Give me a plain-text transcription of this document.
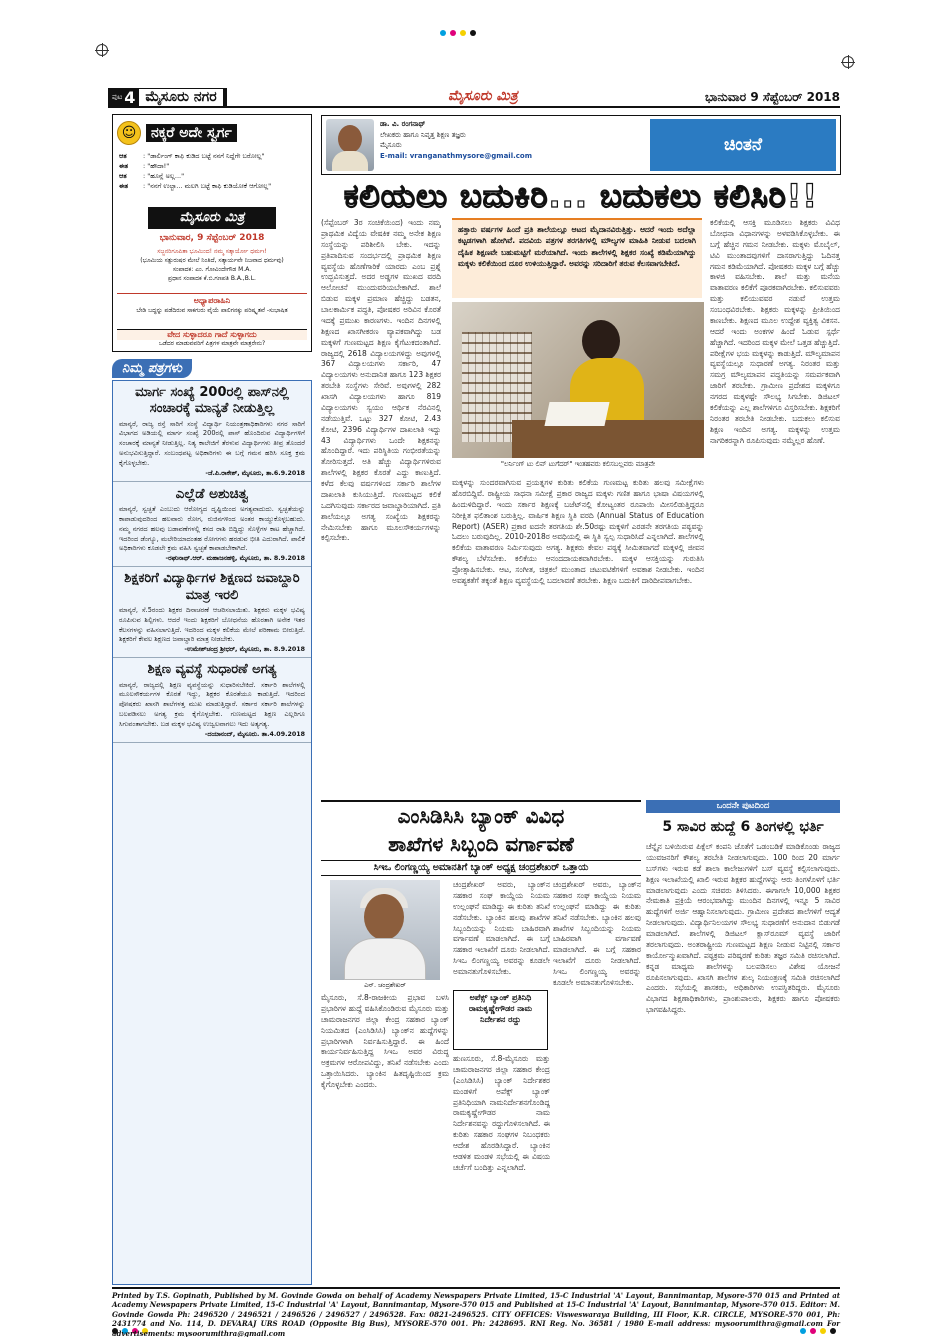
ಪುಟ 4 ಮೈಸೂರು ನಗರ	ಮೈಸೂರು ಮಿತ್ರ	ಭಾನುವಾರ 9 ಸೆಪ್ಟೆಂಬರ್ 2018
☺	ನಕ್ಕರೆ ಅದೇ ಸ್ವರ್ಗ
ಆತ	: "ಡಾರ್ಲಿಂಗ್ ಕಾಫಿ ಕುಡಿದ ಬಟ್ಟೆ ನನಗೆ ನಿದ್ದೆಗೇ ಬರೋಲ್ಲ"
ಈತ	: "ಹೌದಾ!"
ಆತ	: "ಹೂನ್ಲೆ ಅಲ್ಲ..."
ಈತ	: "ನನಗೆ ಉಲ್ಟಾ... ಮಲಗಿ ಬಟ್ಟೆ ಕಾಫಿ ಕುಡಿಯೋಕೆ ಆಗೋಲ್ಲ"
ಮೈಸೂರು ಮಿತ್ರ
ಭಾನುವಾರ, 9 ಸೆಪ್ಟೆಂಬರ್ 2018
ಸಜ್ಜನರಿಗೂಪಿತಾ ಭೂಮಿಂದ! ನಮ್ಮ ಸತ್ಕಾರ್ಯೋ ಧರ್ಮಃ!
(ಭೂಮಿಯ ಸತ್ಪುರುಷರ ಮೇಲೆ ನಿಂತಿದೆ, ಸತ್ಕಾರ್ಯವೇ ನಿಜವಾದ ಧರ್ಮವು)
ಸಂಪಾದಕ: ಎಂ. ಗೋವಿಂದೇಗೌಡ M.A.
ಪ್ರಧಾನ ಸಂಪಾದಕ ಕೆ.ಬಿ.ಗಣಪತಿ B.A.,B.L.
ಅಧ್ಯಾಪರಾಹಿನಿ
ಬೇಡಿ ಬದ್ಧನ್ನು ಪಡೆದಿರುವ ಸಾಕಗುರು ವೈಯೆ ಪಾಲಿಗನಕ್ಕು ಪರಿಷ್ಕೃತವೆ -ಸುಭಾಷಿತ
ವೇದ ಸುಳ್ಳಾದರೂ ಗಾದೆ ಸುಳ್ಳಾಗದು
ಒಡೆದರ ಮಾಡುವವರಿಗೆ ಪಿತ್ರಗಳ ಮಾತ್ರವೇ ಮಾತ್ರರೇನು?
ನಿಮ್ಮ ಪತ್ರಗಳು
ಮಾರ್ಗ ಸಂಖ್ಯೆ 200ರಲ್ಲಿ ಪಾಸ್‌ನಲ್ಲಿ ಸಂಚಾರಕ್ಕೆ ಮಾನ್ಯತೆ ನೀಡುತ್ತಿಲ್ಲ
ಮಾನ್ಯರೆ, ರಾಜ್ಯ ರಸ್ತೆ ಸಾರಿಗೆ ಸಂಸ್ಥೆ ವಿದ್ಯಾರ್ಥಿ ನಿಯಂತ್ರಣಾಧಿಕಾರಿಗಳು ನಗರ ಸಾರಿಗೆ ವಿಭಾಗದ ಅಡಿಯಲ್ಲಿ ಮಾರ್ಗ ಸಂಖ್ಯೆ 200ರಲ್ಲಿ ಪಾಸ್ ಹೊಂದಿರುವ ವಿದ್ಯಾರ್ಥಿಗಳಿಗೆ ಸಂಚಾರಕ್ಕೆ ಮಾನ್ಯತೆ ನೀಡುತ್ತಿಲ್ಲ. ನಿತ್ಯ ಕಾಲೇಜಿಗೆ ತೆರಳುವ ವಿದ್ಯಾರ್ಥಿಗಳು ತೀವ್ರ ತೊಂದರೆ ಅನುಭವಿಸುತ್ತಿದ್ದಾರೆ. ಸಂಬಂಧಪಟ್ಟ ಅಧಿಕಾರಿಗಳು ಈ ಬಗ್ಗೆ ಗಮನ ಹರಿಸಿ ಸೂಕ್ತ ಕ್ರಮ ಕೈಗೊಳ್ಳಬೇಕು.
-ಜೆ.ಪಿ.ರಾಕೇಶ್, ಮೈಸೂರು, ತಾ.6.9.2018
ಎಲ್ಲೆಡೆ ಅಶುಚಿತ್ವ
ಮಾನ್ಯರೆ, ಸ್ವಚ್ಛತೆ ಎಂಬುದು ಆರೋಗ್ಯದ ದೃಷ್ಟಿಯಿಂದ ಅಗತ್ಯವಾದುದು. ಸ್ವಚ್ಛತೆಯನ್ನು ಕಾಪಾಡುವುದರಿಂದ ಹಲವಾರು ರೋಗ, ರುಜಿನಗಳಿಂದ ಅಂತರ ಕಾಯ್ದುಕೊಳ್ಳಬಹುದು. ನಮ್ಮ ನಗರದ ಹಲವು ಬಡಾವಣೆಗಳಲ್ಲಿ ಕಸದ ರಾಶಿ ಬಿದ್ದಿದ್ದು ಸೊಳ್ಳೆಗಳ ಕಾಟ ಹೆಚ್ಚಾಗಿದೆ. ಇದರಿಂದ ಡೆಂಗ್ಯೂ, ಮಲೇರಿಯಾದಂತಹ ರೋಗಗಳು ಹರಡುವ ಭೀತಿ ಎದುರಾಗಿದೆ. ಪಾಲಿಕೆ ಅಧಿಕಾರಿಗಳು ಕೂಡಲೇ ಕ್ರಮ ವಹಿಸಿ ಸ್ವಚ್ಛತೆ ಕಾಪಾಡಬೇಕಾಗಿದೆ.
-ರಘುನಾಥ್.ಆರ್. ಮಹಾಜನಹಳ್ಳಿ, ಮೈಸೂರು, ತಾ. 8.9.2018
ಶಿಕ್ಷಕರಿಗೆ ವಿದ್ಯಾರ್ಥಿಗಳ ಶಿಕ್ಷಣದ ಜವಾಬ್ದಾರಿ ಮಾತ್ರ ಇರಲಿ
ಮಾನ್ಯರೆ, ಸೆ.5ರಂದು ಶಿಕ್ಷಕರ ದಿನಾಚರಣೆ ಆಚರಿಸಲಾಯಿತು. ಶಿಕ್ಷಕರು ಮಕ್ಕಳ ಭವಿಷ್ಯ ರೂಪಿಸುವ ಶಿಲ್ಪಿಗಳು. ಆದರೆ ಇಂದು ಶಿಕ್ಷಕರಿಗೆ ಬೋಧನೆಯ ಹೊರತಾಗಿ ಅನೇಕ ಇತರ ಕೆಲಸಗಳನ್ನು ವಹಿಸಲಾಗುತ್ತಿದೆ. ಇದರಿಂದ ಮಕ್ಕಳ ಕಲಿಕೆಯ ಮೇಲೆ ಪರಿಣಾಮ ಬೀರುತ್ತಿದೆ. ಶಿಕ್ಷಕರಿಗೆ ಕೇವಲ ಶಿಕ್ಷಣದ ಜವಾಬ್ದಾರಿ ಮಾತ್ರ ನೀಡಬೇಕು.
-ಉಮೇಶ್‌ಚಂದ್ರ ಶ್ರೀಧರ್, ಮೈಸೂರು, ತಾ. 8.9.2018
ಶಿಕ್ಷಣ ವ್ಯವಸ್ಥೆ ಸುಧಾರಣೆ ಅಗತ್ಯ
ಮಾನ್ಯರೆ, ರಾಜ್ಯದಲ್ಲಿ ಶಿಕ್ಷಣ ವ್ಯವಸ್ಥೆಯನ್ನು ಸುಧಾರಿಸಬೇಕಿದೆ. ಸರ್ಕಾರಿ ಶಾಲೆಗಳಲ್ಲಿ ಮೂಲಸೌಕರ್ಯಗಳ ಕೊರತೆ ಇದ್ದು, ಶಿಕ್ಷಕರ ಕೊರತೆಯೂ ಕಾಡುತ್ತಿದೆ. ಇದರಿಂದ ಪೋಷಕರು ಖಾಸಗಿ ಶಾಲೆಗಳತ್ತ ಮುಖ ಮಾಡುತ್ತಿದ್ದಾರೆ. ಸರ್ಕಾರ ಸರ್ಕಾರಿ ಶಾಲೆಗಳನ್ನು ಬಲಪಡಿಸಲು ಅಗತ್ಯ ಕ್ರಮ ಕೈಗೊಳ್ಳಬೇಕು. ಗುಣಮಟ್ಟದ ಶಿಕ್ಷಣ ಎಲ್ಲರಿಗೂ ಸಿಗುವಂತಾಗಬೇಕು. ಬಡ ಮಕ್ಕಳ ಭವಿಷ್ಯ ಉಜ್ವಲವಾಗಲು ಇದು ಅತ್ಯಗತ್ಯ.
-ದಯಾನಂದ್, ಮೈಸೂರು. ತಾ.4.09.2018
ಡಾ. ವಿ. ರಂಗನಾಥ್
ಲೇಖಕರು ಹಾಗೂ ನಿವೃತ್ತ ಶಿಕ್ಷಣ ತಜ್ಞರು
ಮೈಸೂರು
E-mail: vranganathmysore@gmail.com
ಚಿಂತನೆ
ಕಲಿಯಲು ಬದುಕಿರಿ... ಬದುಕಲು ಕಲಿಸಿರಿ!!
(ಸೆಪ್ಟೆಂಬರ್ 3ರ ಸಂಚಿಕೆಯಿಂದ) ಇಂದು ನಮ್ಮ ಪ್ರಾಥಮಿಕ ವಿದ್ಯೆಯ ವೇಷಕಿಕ ನಮ್ಮ ಅನೇಕ ಶಿಕ್ಷಣ ಸಂಸ್ಥೆಯನ್ನು ಪರಿಶೀಲಿಸಿ ಬೇಕು. ಇದನ್ನು ಪ್ರತಿಪಾದಿಸುವ ಸಂದರ್ಭದಲ್ಲಿ ಪ್ರಾಥಮಿಕ ಶಿಕ್ಷಣ ವ್ಯವಸ್ಥೆಯ ಹೊಣೆಗಾರಿಕೆ ಯಾರದು ಎಂಬ ಪ್ರಶ್ನೆ ಉದ್ಭವಿಸುತ್ತದೆ. ಅದರ ಅಡ್ಡಗಳ ಮುಖದ ವರದಿ ಆಲೋಚನೆ ಮುಂದುವರಿಯಬೇಕಾಗಿದೆ. ಶಾಲೆ ಬಿಡುವ ಮಕ್ಕಳ ಪ್ರಮಾಣ ಹೆಚ್ಚಿದ್ದು ಬಡತನ, ಬಾಲಕಾರ್ಮಿಕ ಪದ್ಧತಿ, ಪೋಷಕರ ಅರಿವಿನ ಕೊರತೆ ಇದಕ್ಕೆ ಪ್ರಮುಖ ಕಾರಣಗಳು. ಇಂದಿನ ದಿನಗಳಲ್ಲಿ ಶಿಕ್ಷಣದ ಖಾಸಗೀಕರಣ ವ್ಯಾಪಕವಾಗಿದ್ದು ಬಡ ಮಕ್ಕಳಿಗೆ ಗುಣಮಟ್ಟದ ಶಿಕ್ಷಣ ಕೈಗೆಟುಕದಂತಾಗಿದೆ. ರಾಜ್ಯದಲ್ಲಿ 2618 ವಿದ್ಯಾಲಯಗಳಿದ್ದು ಅವುಗಳಲ್ಲಿ 367 ವಿದ್ಯಾಲಯಗಳು ಸರ್ಕಾರಿ, 47 ವಿದ್ಯಾಲಯಗಳು ಅನುದಾನಿತ ಹಾಗೂ 123 ಶಿಕ್ಷಕರ ತರಬೇತಿ ಸಂಸ್ಥೆಗಳು ಸೇರಿವೆ. ಅವುಗಳಲ್ಲಿ 282 ಖಾಸಗಿ ವಿದ್ಯಾಲಯಗಳು ಹಾಗೂ 819 ವಿದ್ಯಾಲಯಗಳು ಸ್ವಯಂ ಆರ್ಥಿಕ ನೆರವಿನಲ್ಲಿ ನಡೆಯುತ್ತಿವೆ. ಒಟ್ಟು 327 ಕೋಟಿ, 2.43 ಕೋಟಿ, 2396 ವಿದ್ಯಾರ್ಥಿಗಳ ದಾಖಲಾತಿ ಇದ್ದು 43 ವಿದ್ಯಾರ್ಥಿಗಳು ಒಂದೇ ಶಿಕ್ಷಕನನ್ನು ಹೊಂದಿದ್ದಾರೆ. ಇದು ಪರಿಸ್ಥಿತಿಯ ಗಂಭೀರತೆಯನ್ನು ತೋರಿಸುತ್ತದೆ. ಅತಿ ಹೆಚ್ಚು ವಿದ್ಯಾರ್ಥಿಗಳಿರುವ ಶಾಲೆಗಳಲ್ಲಿ ಶಿಕ್ಷಕರ ಕೊರತೆ ಎದ್ದು ಕಾಣುತ್ತಿದೆ. ಕಳೆದ ಕೆಲವು ವರ್ಷಗಳಿಂದ ಸರ್ಕಾರಿ ಶಾಲೆಗಳ ದಾಖಲಾತಿ ಕುಸಿಯುತ್ತಿದೆ. ಗುಣಮಟ್ಟದ ಕಲಿಕೆ ಒದಗಿಸುವುದು ಸರ್ಕಾರದ ಜವಾಬ್ದಾರಿಯಾಗಿದೆ. ಪ್ರತಿ ಶಾಲೆಯಲ್ಲೂ ಅಗತ್ಯ ಸಂಖ್ಯೆಯ ಶಿಕ್ಷಕರನ್ನು ನೇಮಿಸಬೇಕು ಹಾಗೂ ಮೂಲಸೌಕರ್ಯಗಳನ್ನು ಕಲ್ಪಿಸಬೇಕು.
ಹತ್ತಾರು ವರ್ಷಗಳ ಹಿಂದೆ ಪ್ರತಿ ಶಾಲೆಯಲ್ಲೂ ಆಟದ ಮೈದಾನವಿರುತ್ತಿತ್ತು. ಆದರೆ ಇಂದು ಅದೆಲ್ಲಾ ಕಟ್ಟಡಗಳಾಗಿ ಹೋಗಿವೆ. ಪದವಿಯ ಪತ್ರಗಳ ತರಗತಿಗಳಲ್ಲಿ ಮೌಲ್ಯಗಳ ಮಾಹಿತಿ ನೀಡುವ ಬದಲಾಗಿ ದೈಹಿಕ ಶಿಕ್ಷಣವೇ ಬಹುಮಟ್ಟಿಗೆ ಮರೆಯಾಗಿದೆ. ಇಂದು ಶಾಲೆಗಳಲ್ಲಿ ಶಿಕ್ಷಕರ ಸಂಖ್ಯೆ ಕಡಿಮೆಯಾಗಿದ್ದು ಮಕ್ಕಳು ಕಲಿಕೆಯಿಂದ ದೂರ ಉಳಿಯುತ್ತಿದ್ದಾರೆ. ಅವರನ್ನು ಸರಿದಾರಿಗೆ ತರುವ ಕೆಲಸವಾಗಬೇಕಿದೆ.
"ಲರ್ನಿಂಗ್ ಟು ಲಿವ್ ಟುಗೆದರ್" ಇಂತಹವರು ಕಲಿಸಬಲ್ಲವರು ಮಾತ್ರವೇ
ಮಕ್ಕಳನ್ನು ಸುಂದರವಾಗಿಸುವ ಪ್ರಯತ್ನಗಳ ಕುರಿತು ಕಲಿಕೆಯ ಗುಣಮಟ್ಟ ಕುರಿತು ಹಲವು ಸಮೀಕ್ಷೆಗಳು ಹೊರಬಿದ್ದಿವೆ. ರಾಷ್ಟ್ರೀಯ ಸಾಧನಾ ಸಮೀಕ್ಷೆ ಪ್ರಕಾರ ರಾಜ್ಯದ ಮಕ್ಕಳು ಗಣಿತ ಹಾಗೂ ಭಾಷಾ ವಿಷಯಗಳಲ್ಲಿ ಹಿಂದುಳಿದಿದ್ದಾರೆ. ಇಂದು ಸರ್ಕಾರ ಶಿಕ್ಷಣಕ್ಕೆ ಬಜೆಟ್‌ನಲ್ಲಿ ಕೋಟ್ಯಂತರ ರೂಪಾಯಿ ಮೀಸಲಿಡುತ್ತಿದ್ದರೂ ನಿರೀಕ್ಷಿತ ಫಲಿತಾಂಶ ಬರುತ್ತಿಲ್ಲ. ವಾರ್ಷಿಕ ಶಿಕ್ಷಣ ಸ್ಥಿತಿ ವರದಿ (Annual Status of Education Report) (ASER) ಪ್ರಕಾರ ಐದನೇ ತರಗತಿಯ ಶೇ.50ರಷ್ಟು ಮಕ್ಕಳಿಗೆ ಎರಡನೇ ತರಗತಿಯ ಪಠ್ಯವನ್ನು ಓದಲು ಬರುವುದಿಲ್ಲ. 2010-2018ರ ಅವಧಿಯಲ್ಲಿ ಈ ಸ್ಥಿತಿ ಸ್ವಲ್ಪ ಸುಧಾರಿಸಿದೆ ಎನ್ನಲಾಗಿದೆ. ಶಾಲೆಗಳಲ್ಲಿ ಕಲಿಕೆಯ ವಾತಾವರಣ ನಿರ್ಮಿಸುವುದು ಅಗತ್ಯ. ಶಿಕ್ಷಕರು ಕೇವಲ ಪಠ್ಯಕ್ಕೆ ಸೀಮಿತವಾಗದೆ ಮಕ್ಕಳಲ್ಲಿ ಜೀವನ ಕೌಶಲ್ಯ ಬೆಳೆಸಬೇಕು. ಕಲಿಕೆಯು ಆನಂದದಾಯಕವಾಗಿರಬೇಕು. ಮಕ್ಕಳ ಆಸಕ್ತಿಯನ್ನು ಗುರುತಿಸಿ ಪ್ರೋತ್ಸಾಹಿಸಬೇಕು. ಆಟ, ಸಂಗೀತ, ಚಿತ್ರಕಲೆ ಮುಂತಾದ ಚಟುವಟಿಕೆಗಳಿಗೆ ಅವಕಾಶ ನೀಡಬೇಕು. ಇಂದಿನ ಅವಶ್ಯಕತೆಗೆ ತಕ್ಕಂತೆ ಶಿಕ್ಷಣ ವ್ಯವಸ್ಥೆಯಲ್ಲಿ ಬದಲಾವಣೆ ತರಬೇಕು. ಶಿಕ್ಷಣ ಬದುಕಿಗೆ ದಾರಿದೀಪವಾಗಬೇಕು.
ಕಲಿಕೆಯಲ್ಲಿ ಆಸಕ್ತಿ ಮೂಡಿಸಲು ಶಿಕ್ಷಕರು ವಿವಿಧ ಬೋಧನಾ ವಿಧಾನಗಳನ್ನು ಅಳವಡಿಸಿಕೊಳ್ಳಬೇಕು. ಈ ಬಗ್ಗೆ ಹೆಚ್ಚಿನ ಗಮನ ನೀಡಬೇಕು. ಮಕ್ಕಳು ಮೊಬೈಲ್, ಟಿವಿ ಮುಂತಾದವುಗಳಿಗೆ ದಾಸರಾಗುತ್ತಿದ್ದು ಓದಿನತ್ತ ಗಮನ ಕಡಿಮೆಯಾಗಿದೆ. ಪೋಷಕರು ಮಕ್ಕಳ ಬಗ್ಗೆ ಹೆಚ್ಚು ಕಾಳಜಿ ವಹಿಸಬೇಕು. ಶಾಲೆ ಮತ್ತು ಮನೆಯ ವಾತಾವರಣ ಕಲಿಕೆಗೆ ಪೂರಕವಾಗಿರಬೇಕು. ಕಲಿಸುವವರು ಮತ್ತು ಕಲಿಯುವವರ ನಡುವೆ ಉತ್ತಮ ಸಂಬಂಧವಿರಬೇಕು. ಶಿಕ್ಷಕರು ಮಕ್ಕಳನ್ನು ಪ್ರೀತಿಯಿಂದ ಕಾಣಬೇಕು. ಶಿಕ್ಷಣದ ಮೂಲ ಉದ್ದೇಶ ವ್ಯಕ್ತಿತ್ವ ವಿಕಸನ. ಆದರೆ ಇಂದು ಅಂಕಗಳ ಹಿಂದೆ ಓಡುವ ಸ್ಪರ್ಧೆ ಹೆಚ್ಚಾಗಿದೆ. ಇದರಿಂದ ಮಕ್ಕಳ ಮೇಲೆ ಒತ್ತಡ ಹೆಚ್ಚುತ್ತಿದೆ. ಪರೀಕ್ಷೆಗಳ ಭಯ ಮಕ್ಕಳನ್ನು ಕಾಡುತ್ತಿದೆ. ಮೌಲ್ಯಮಾಪನ ವ್ಯವಸ್ಥೆಯಲ್ಲೂ ಸುಧಾರಣೆ ಅಗತ್ಯ. ನಿರಂತರ ಮತ್ತು ಸಮಗ್ರ ಮೌಲ್ಯಮಾಪನ ಪದ್ಧತಿಯನ್ನು ಸಮರ್ಪಕವಾಗಿ ಜಾರಿಗೆ ತರಬೇಕು. ಗ್ರಾಮೀಣ ಪ್ರದೇಶದ ಮಕ್ಕಳಿಗೂ ನಗರದ ಮಕ್ಕಳಷ್ಟೇ ಸೌಲಭ್ಯ ಸಿಗಬೇಕು. ಡಿಜಿಟಲ್ ಕಲಿಕೆಯನ್ನು ಎಲ್ಲ ಶಾಲೆಗಳಿಗೂ ವಿಸ್ತರಿಸಬೇಕು. ಶಿಕ್ಷಕರಿಗೆ ನಿರಂತರ ತರಬೇತಿ ನೀಡಬೇಕು. ಬದುಕಲು ಕಲಿಸುವ ಶಿಕ್ಷಣ ಇಂದಿನ ಅಗತ್ಯ. ಮಕ್ಕಳನ್ನು ಉತ್ತಮ ನಾಗರಿಕರನ್ನಾಗಿ ರೂಪಿಸುವುದು ನಮ್ಮೆಲ್ಲರ ಹೊಣೆ.
ಎಂಸಿಡಿಸಿಸಿ ಬ್ಯಾಂಕ್ ವಿವಿಧ
ಶಾಖೆಗಳ ಸಿಬ್ಬಂದಿ ವರ್ಗಾವಣೆ
ಸಿಇಒ ಲಿಂಗಣ್ಣಯ್ಯ ಅಮಾನತಿಗೆ ಬ್ಯಾಂಕ್ ಅಧ್ಯಕ್ಷ ಚಂದ್ರಶೇಖರ್ ಒತ್ತಾಯ
ಎನ್. ಚಂದ್ರಶೇಖರ್
ಮೈಸೂರು, ಸೆ.8-ರಾಜಕೀಯ ಪ್ರಭಾವ ಬಳಸಿ ಪ್ರಭಾರಿಗಳ ಹುದ್ದೆ ವಹಿಸಿಕೊಂಡಿರುವ ಮೈಸೂರು ಮತ್ತು ಚಾಮರಾಜನಗರ ಜಿಲ್ಲಾ ಕೇಂದ್ರ ಸಹಕಾರ ಬ್ಯಾಂಕ್ ನಿಯಮಿತದ (ಎಂಸಿಡಿಸಿಸಿ) ಬ್ಯಾಂಕ್‌ನ ಹುದ್ದೆಗಳನ್ನು ಪ್ರಭಾರಿಗಳಾಗಿ ನಿರ್ವಹಿಸುತ್ತಿದ್ದಾರೆ. ಈ ಹಿಂದೆ ಕಾರ್ಯನಿರ್ವಹಿಸುತ್ತಿದ್ದ ಸಿಇಒ ಅವರ ವಿರುದ್ಧ ಅಕ್ರಮಗಳ ಆರೋಪವಿದ್ದು, ತನಿಖೆ ನಡೆಸಬೇಕು ಎಂದು ಒತ್ತಾಯಿಸಿದರು. ಬ್ಯಾಂಕಿನ ಹಿತದೃಷ್ಟಿಯಿಂದ ಕ್ರಮ ಕೈಗೊಳ್ಳಬೇಕು ಎಂದರು.
ಚಂದ್ರಶೇಖರ್ ಅವರು, ಬ್ಯಾಂಕ್‌ನ ಸಹಕಾರ ಸಂಘ ಕಾಯ್ದೆಯ ನಿಯಮ ಉಲ್ಲಂಘನೆ ಮಾಡಿದ್ದು ಈ ಕುರಿತು ತನಿಖೆ ನಡೆಸಬೇಕು. ಬ್ಯಾಂಕಿನ ಹಲವು ಶಾಖೆಗಳ ಸಿಬ್ಬಂದಿಯನ್ನು ನಿಯಮ ಬಾಹಿರವಾಗಿ ವರ್ಗಾವಣೆ ಮಾಡಲಾಗಿದೆ. ಈ ಬಗ್ಗೆ ಸಹಕಾರ ಇಲಾಖೆಗೆ ದೂರು ನೀಡಲಾಗಿದೆ. ಸಿಇಒ ಲಿಂಗಣ್ಣಯ್ಯ ಅವರನ್ನು ಕೂಡಲೇ ಅಮಾನತುಗೊಳಿಸಬೇಕು.
ಅಪೆಕ್ಸ್ ಬ್ಯಾಂಕ್ ಪ್ರತಿನಿಧಿ ರಾಮಕೃಷ್ಣೇಗೌಡರ ನಾಮ ನಿರ್ದೇಶನ ರದ್ದು
ಹುಣಸೂರು, ಸೆ.8-ಮೈಸೂರು ಮತ್ತು ಚಾಮರಾಜನಗರ ಜಿಲ್ಲಾ ಸಹಕಾರ ಕೇಂದ್ರ (ಎಂಸಿಡಿಸಿಸಿ) ಬ್ಯಾಂಕ್ ನಿರ್ದೇಶಕರ ಮಂಡಳಿಗೆ ಅಪೆಕ್ಸ್ ಬ್ಯಾಂಕ್ ಪ್ರತಿನಿಧಿಯಾಗಿ ನಾಮನಿರ್ದೇಶನಗೊಂಡಿದ್ದ ರಾಮಕೃಷ್ಣೇಗೌಡರ ನಾಮ ನಿರ್ದೇಶನವನ್ನು ರದ್ದುಗೊಳಿಸಲಾಗಿದೆ. ಈ ಕುರಿತು ಸಹಕಾರ ಸಂಘಗಳ ನಿಬಂಧಕರು ಆದೇಶ ಹೊರಡಿಸಿದ್ದಾರೆ. ಬ್ಯಾಂಕಿನ ಆಡಳಿತ ಮಂಡಳಿ ಸಭೆಯಲ್ಲಿ ಈ ವಿಷಯ ಚರ್ಚೆಗೆ ಬಂದಿತ್ತು ಎನ್ನಲಾಗಿದೆ.
ಚಂದ್ರಶೇಖರ್ ಅವರು, ಬ್ಯಾಂಕ್‌ನ ಸಹಕಾರ ಸಂಘ ಕಾಯ್ದೆಯ ನಿಯಮ ಉಲ್ಲಂಘನೆ ಮಾಡಿದ್ದು ಈ ಕುರಿತು ತನಿಖೆ ನಡೆಸಬೇಕು. ಬ್ಯಾಂಕಿನ ಹಲವು ಶಾಖೆಗಳ ಸಿಬ್ಬಂದಿಯನ್ನು ನಿಯಮ ಬಾಹಿರವಾಗಿ ವರ್ಗಾವಣೆ ಮಾಡಲಾಗಿದೆ. ಈ ಬಗ್ಗೆ ಸಹಕಾರ ಇಲಾಖೆಗೆ ದೂರು ನೀಡಲಾಗಿದೆ. ಸಿಇಒ ಲಿಂಗಣ್ಣಯ್ಯ ಅವರನ್ನು ಕೂಡಲೇ ಅಮಾನತುಗೊಳಿಸಬೇಕು.
ಒಂದನೇ ಪುಟದಿಂದ
5 ಸಾವಿರ ಹುದ್ದೆ 6 ತಿಂಗಳಲ್ಲಿ ಭರ್ತಿ
ಚೆನ್ನೈನ ಬಳಿಯಿರುವ ಪಿಕ್ಸೆಲ್ ಕಂಪನಿ ಜೊತೆಗೆ ಒಡಂಬಡಿಕೆ ಮಾಡಿಕೊಂಡು ರಾಜ್ಯದ ಯುವಜನರಿಗೆ ಕೌಶಲ್ಯ ತರಬೇತಿ ನೀಡಲಾಗುವುದು. 100 ರಿಂದ 20 ಮಾರ್ಗ ಬಸ್‌ಗಳು ಇರುವ ಕಡೆ ಶಾಲಾ ಕಾಲೇಜುಗಳಿಗೆ ಬಸ್ ವ್ಯವಸ್ಥೆ ಕಲ್ಪಿಸಲಾಗುವುದು. ಶಿಕ್ಷಣ ಇಲಾಖೆಯಲ್ಲಿ ಖಾಲಿ ಇರುವ ಶಿಕ್ಷಕರ ಹುದ್ದೆಗಳನ್ನು ಆರು ತಿಂಗಳೊಳಗೆ ಭರ್ತಿ ಮಾಡಲಾಗುವುದು ಎಂದು ಸಚಿವರು ತಿಳಿಸಿದರು. ಈಗಾಗಲೇ 10,000 ಶಿಕ್ಷಕರ ನೇಮಕಾತಿ ಪ್ರಕ್ರಿಯೆ ಆರಂಭವಾಗಿದ್ದು ಮುಂದಿನ ದಿನಗಳಲ್ಲಿ ಇನ್ನೂ 5 ಸಾವಿರ ಹುದ್ದೆಗಳಿಗೆ ಅರ್ಜಿ ಆಹ್ವಾನಿಸಲಾಗುವುದು. ಗ್ರಾಮೀಣ ಪ್ರದೇಶದ ಶಾಲೆಗಳಿಗೆ ಆದ್ಯತೆ ನೀಡಲಾಗುವುದು. ವಿದ್ಯಾರ್ಥಿನಿಲಯಗಳ ಸೌಲಭ್ಯ ಸುಧಾರಣೆಗೆ ಅನುದಾನ ಬಿಡುಗಡೆ ಮಾಡಲಾಗಿದೆ. ಶಾಲೆಗಳಲ್ಲಿ ಡಿಜಿಟಲ್ ಕ್ಲಾಸ್‌ರೂಮ್ ವ್ಯವಸ್ಥೆ ಜಾರಿಗೆ ತರಲಾಗುವುದು. ಅಂತರಾಷ್ಟ್ರೀಯ ಗುಣಮಟ್ಟದ ಶಿಕ್ಷಣ ನೀಡುವ ನಿಟ್ಟಿನಲ್ಲಿ ಸರ್ಕಾರ ಕಾರ್ಯೋನ್ಮುಖವಾಗಿದೆ. ಪಠ್ಯಕ್ರಮ ಪರಿಷ್ಕರಣೆ ಕುರಿತು ತಜ್ಞರ ಸಮಿತಿ ರಚಿಸಲಾಗಿದೆ. ಕನ್ನಡ ಮಾಧ್ಯಮ ಶಾಲೆಗಳನ್ನು ಬಲಪಡಿಸಲು ವಿಶೇಷ ಯೋಜನೆ ರೂಪಿಸಲಾಗುವುದು. ಖಾಸಗಿ ಶಾಲೆಗಳ ಶುಲ್ಕ ನಿಯಂತ್ರಣಕ್ಕೆ ಸಮಿತಿ ರಚಿಸಲಾಗಿದೆ ಎಂದರು. ಸಭೆಯಲ್ಲಿ ಶಾಸಕರು, ಅಧಿಕಾರಿಗಳು ಉಪಸ್ಥಿತರಿದ್ದರು. ಮೈಸೂರು ವಿಭಾಗದ ಶಿಕ್ಷಣಾಧಿಕಾರಿಗಳು, ಪ್ರಾಂಶುಪಾಲರು, ಶಿಕ್ಷಕರು ಹಾಗೂ ಪೋಷಕರು ಭಾಗವಹಿಸಿದ್ದರು.
Printed by T.S. Gopinath, Published by M. Govinde Gowda on behalf of Academy Newspapers Private Limited, 15-C Industrial 'A' Layout, Bannimantap, Mysore-570 015 and Printed at Academy Newspapers Private Limited, 15-C Industrial 'A' Layout, Bannimantap, Mysore-570 015 and Published at 15-C Industrial 'A' Layout, Bannimantap, Mysore-570 015. Editor: M. Govinde Gowda Ph: 2496520 / 2496521 / 2496526 / 2496527 / 2496528. Fax: 0821-2496525. CITY OFFICES: Visweswaraya Building, III Floor, K.R. CIRCLE, MYSORE-570 001, Ph: 2431774 and No. 114, D. DEVARAJ URS ROAD (Opposite Big Bus), MYSORE-570 001. Ph: 2428695. RNI Reg. No. 36581 / 1980 E-mail address: mysoorumithra@gmail.com For advertisements: mysoorumithra@gmail.com
